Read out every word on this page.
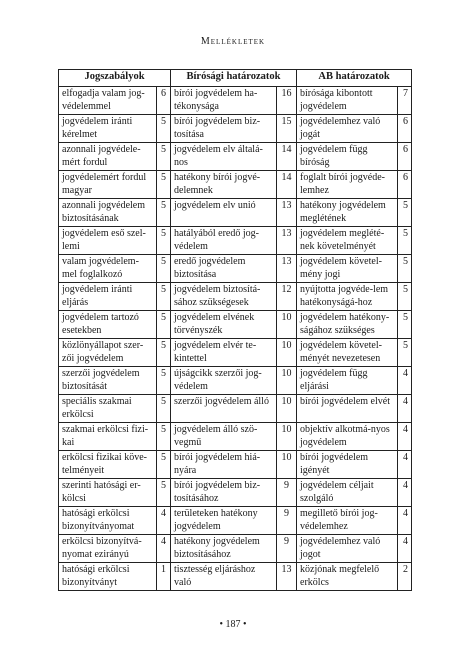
Mellékletek
Jogszabályok		Bírósági határozatok		AB határozatok	
elfogadja valam jog-védelemmel	6	bírói jogvédelem ha-tékonysága	16	bírósága kibontott jogvédelem	7
jogvédelem iránti kérelmet	5	bírói jogvédelem biz-tosítása	15	jogvédelemhez való jogát	6
azonnali jogvédele-mért fordul	5	jogvédelem elv általá-nos	14	jogvédelem függ bíróság	6
jogvédelemért fordul magyar	5	hatékony bírói jogvé-delemnek	14	foglalt bírói jogvéde-lemhez	6
azonnali jogvédelem biztosításának	5	jogvédelem elv unió	13	hatékony jogvédelem meglétének	5
jogvédelem eső szel-lemi	5	hatályából eredő jog-védelem	13	jogvédelem meglété-nek követelményét	5
valam jogvédelem-mel foglalkozó	5	eredő jogvédelem biztosítása	13	jogvédelem követel-mény jogi	5
jogvédelem iránti eljárás	5	jogvédelem biztosítá-sához szükségesek	12	nyújtotta jogvéde-lem hatékonyságá-hoz	5
jogvédelem tartozó esetekben	5	jogvédelem elvének törvényszék	10	jogvédelem hatékony-ságához szükséges	5
közlönyállapot szer-zői jogvédelem	5	jogvédelem elvér te-kintettel	10	jogvédelem követel-ményét nevezetesen	5
szerzői jogvédelem biztosítását	5	újságcikk szerzői jog-védelem	10	jogvédelem függ eljárási	4
speciális szakmai erkölcsi	5	szerzői jogvédelem álló	10	bírói jogvédelem elvét	4
szakmai erkölcsi fizi-kai	5	jogvédelem álló szö-vegmű	10	objektív alkotmá-nyos jogvédelem	4
erkölcsi fizikai köve-telményeit	5	bírói jogvédelem hiá-nyára	10	bírói jogvédelem igényét	4
szerinti hatósági er-kölcsi	5	bírói jogvédelem biz-tosításához	9	jogvédelem céljait szolgáló	4
hatósági erkölcsi bizonyítványomat	4	területeken hatékony jogvédelem	9	megillető bírói jog-védelemhez	4
erkölcsi bizonyítvá-nyomat ezirányú	4	hatékony jogvédelem biztosításához	9	jogvédelemhez való jogot	4
hatósági erkölcsi bizonyítványt	1	tisztesség eljáráshoz való	13	közjónak megfelelő erkölcs	2
• 187 •
